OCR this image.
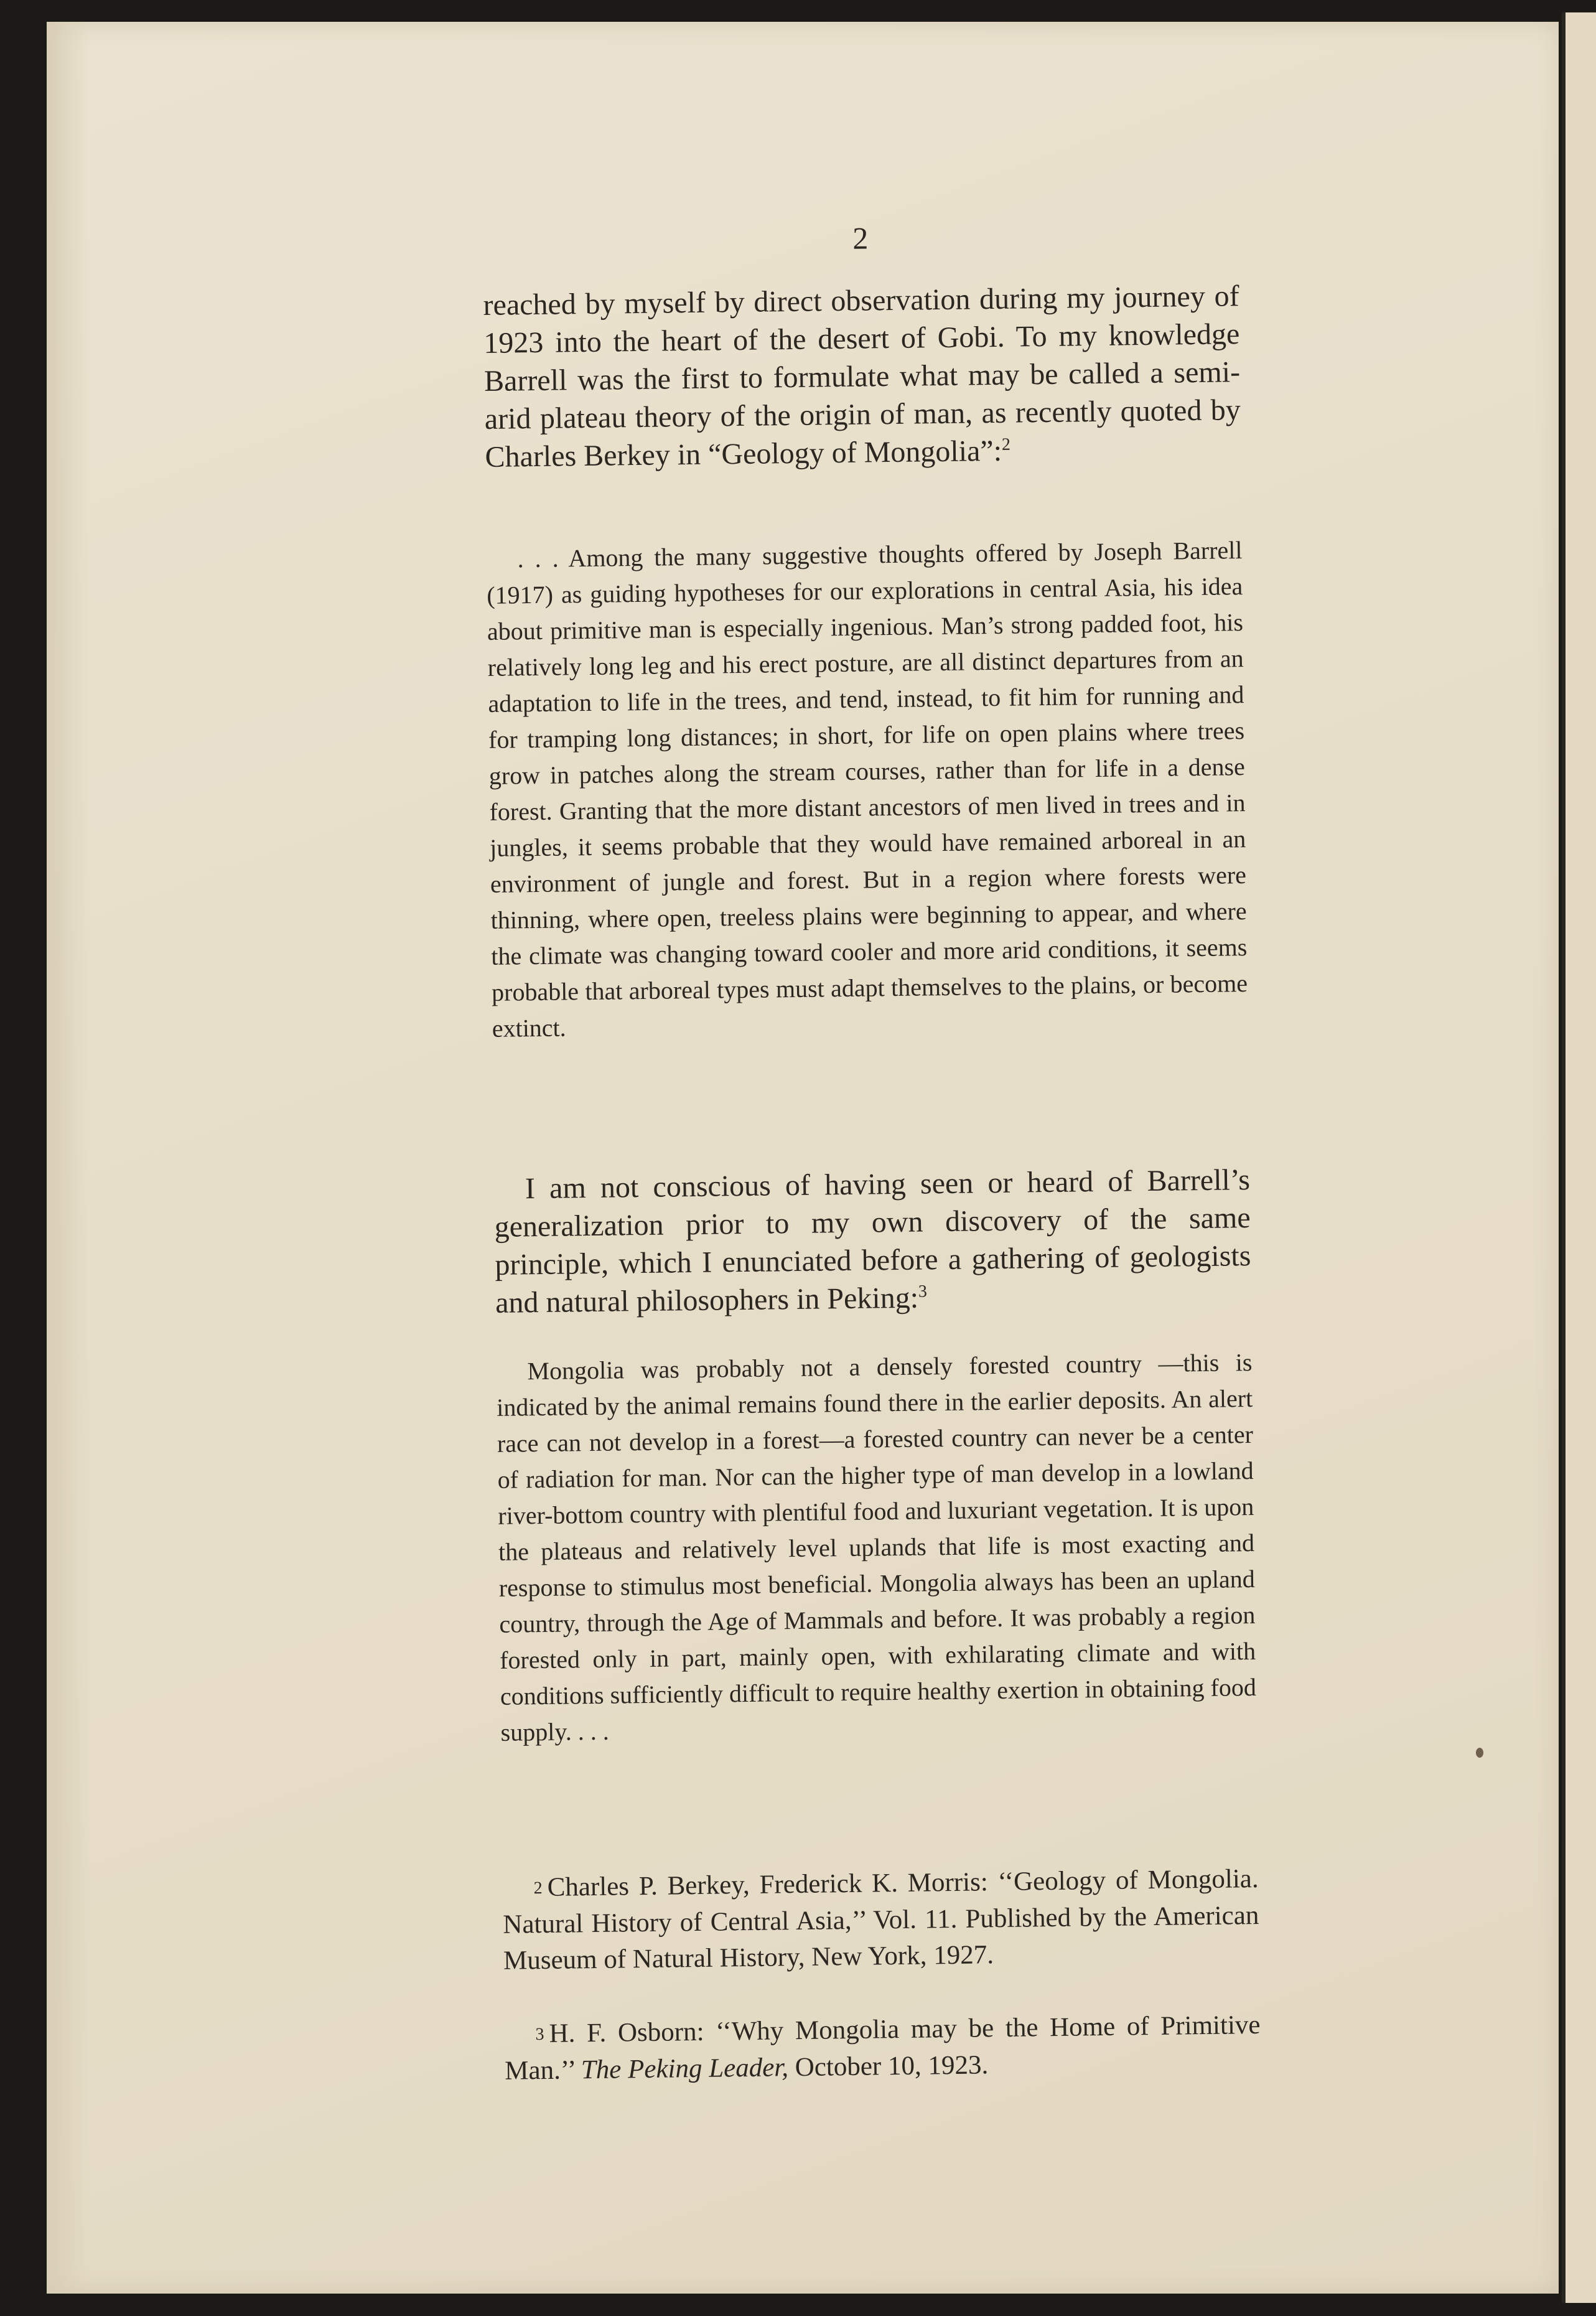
2

reached by myself by direct observation during my journey of 1923 into the heart of the desert of Gobi. To my knowledge Barrell was the first to formulate what may be called a semi-arid plateau theory of the origin of man, as recently quoted by Charles Berkey in “Geology of Mongolia”:$^2$

. . . Among the many suggestive thoughts offered by Joseph Barrell (1917) as guiding hypotheses for our explorations in central Asia, his idea about primitive man is especially ingenious. Man’s strong padded foot, his relatively long leg and his erect posture, are all distinct departures from an adaptation to life in the trees, and tend, instead, to fit him for running and for tramping long distances; in short, for life on open plains where trees grow in patches along the stream courses, rather than for life in a dense forest. Granting that the more distant ancestors of men lived in trees and in jungles, it seems probable that they would have remained arboreal in an environment of jungle and forest. But in a region where forests were thinning, where open, treeless plains were beginning to appear, and where the climate was changing toward cooler and more arid conditions, it seems probable that arboreal types must adapt themselves to the plains, or become extinct.

I am not conscious of having seen or heard of Barrell’s generalization prior to my own discovery of the same principle, which I enunciated before a gathering of geologists and natural philosophers in Peking:$^3$

Mongolia was probably not a densely forested country —this is indicated by the animal remains found there in the earlier deposits. An alert race can not develop in a forest—a forested country can never be a center of radiation for man. Nor can the higher type of man develop in a lowland river-bottom country with plentiful food and luxuriant vegetation. It is upon the plateaus and relatively level uplands that life is most exacting and response to stimulus most beneficial. Mongolia always has been an upland country, through the Age of Mammals and before. It was probably a region forested only in part, mainly open, with exhilarating climate and with conditions sufficiently difficult to require healthy exertion in obtaining food supply. . . .

2 Charles P. Berkey, Frederick K. Morris: ‘‘Geology of Mongolia. Natural History of Central Asia,’’ Vol. 11. Published by the American Museum of Natural History, New York, 1927.

3 H. F. Osborn: ‘‘Why Mongolia may be the Home of Primitive Man.’’ The Peking Leader, October 10, 1923.
